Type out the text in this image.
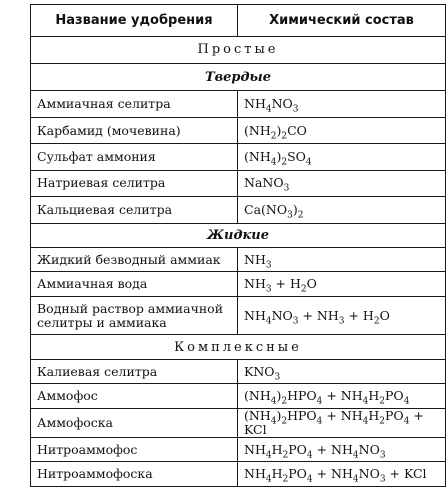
Название удобрения	Химический состав
Простые	
Твердые	
Аммиачная селитра	$NH_4NO_3$
Карбамид (мочевина)	$(NH_2)_2CO$
Сульфат аммония	$(NH_4)_2SO_4$
Натриевая селитра	NaNO$_3$
Кальциевая селитра	$Ca(NO_3)_2$
Жидкие	
Жидкий безводный аммиак	$NH_3$
Аммиачная вода	$NH_3 + H_2O$
Водный раствор аммиачной селитры и аммиака	$NH_4NO_3 + NH_3 + H_2O$
Комплексные	
Калиевая селитра	$KNO_3$
Аммофос	$(NH_4)_2HPO_4 + NH_4H_2PO_4$
Аммофоска	$(NH_4)_2HPO_4 + NH_4H_2PO_4$ + KCl
Нитроаммофос	$NH_4H_2PO_4 + NH_4NO_3$
Нитроаммофоска	$NH_4H_2PO_4 + NH_4NO_3$ + KCl
